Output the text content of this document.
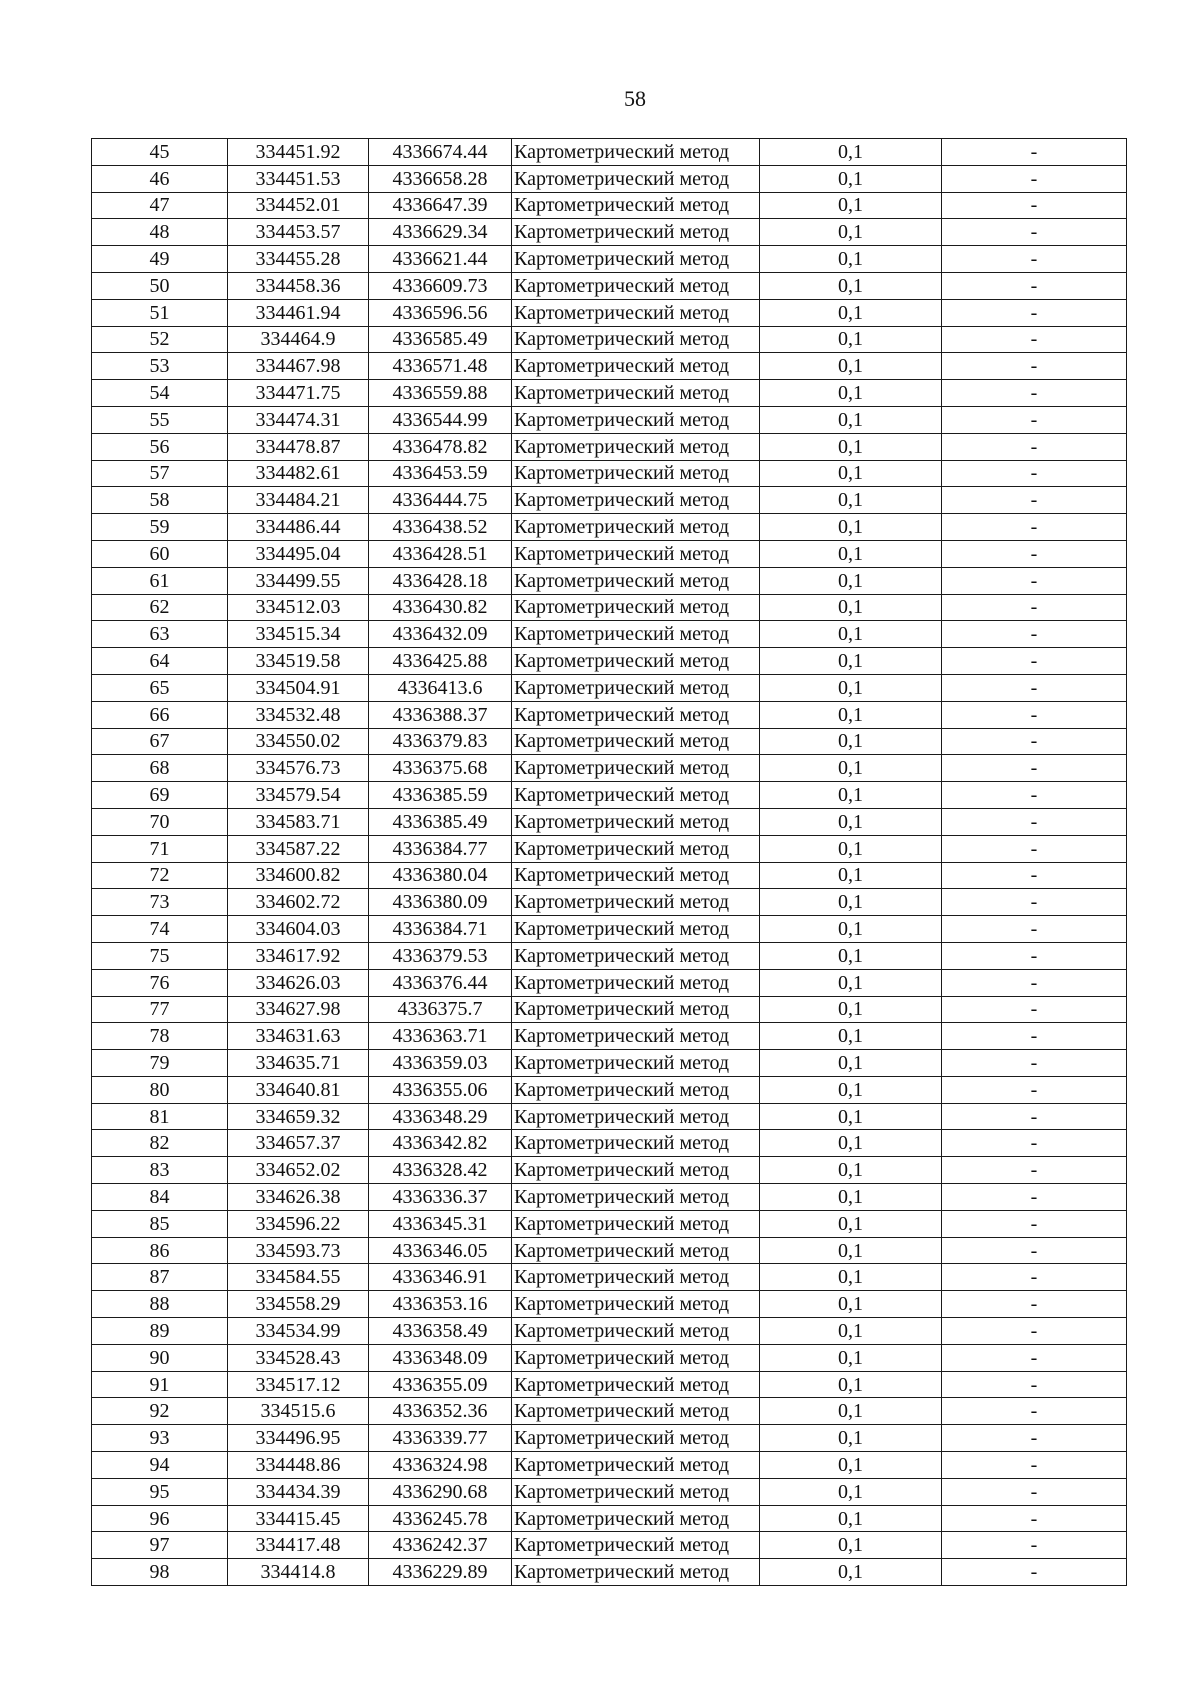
58
45	334451.92	4336674.44	Картометрический метод	0,1	-
46	334451.53	4336658.28	Картометрический метод	0,1	-
47	334452.01	4336647.39	Картометрический метод	0,1	-
48	334453.57	4336629.34	Картометрический метод	0,1	-
49	334455.28	4336621.44	Картометрический метод	0,1	-
50	334458.36	4336609.73	Картометрический метод	0,1	-
51	334461.94	4336596.56	Картометрический метод	0,1	-
52	334464.9	4336585.49	Картометрический метод	0,1	-
53	334467.98	4336571.48	Картометрический метод	0,1	-
54	334471.75	4336559.88	Картометрический метод	0,1	-
55	334474.31	4336544.99	Картометрический метод	0,1	-
56	334478.87	4336478.82	Картометрический метод	0,1	-
57	334482.61	4336453.59	Картометрический метод	0,1	-
58	334484.21	4336444.75	Картометрический метод	0,1	-
59	334486.44	4336438.52	Картометрический метод	0,1	-
60	334495.04	4336428.51	Картометрический метод	0,1	-
61	334499.55	4336428.18	Картометрический метод	0,1	-
62	334512.03	4336430.82	Картометрический метод	0,1	-
63	334515.34	4336432.09	Картометрический метод	0,1	-
64	334519.58	4336425.88	Картометрический метод	0,1	-
65	334504.91	4336413.6	Картометрический метод	0,1	-
66	334532.48	4336388.37	Картометрический метод	0,1	-
67	334550.02	4336379.83	Картометрический метод	0,1	-
68	334576.73	4336375.68	Картометрический метод	0,1	-
69	334579.54	4336385.59	Картометрический метод	0,1	-
70	334583.71	4336385.49	Картометрический метод	0,1	-
71	334587.22	4336384.77	Картометрический метод	0,1	-
72	334600.82	4336380.04	Картометрический метод	0,1	-
73	334602.72	4336380.09	Картометрический метод	0,1	-
74	334604.03	4336384.71	Картометрический метод	0,1	-
75	334617.92	4336379.53	Картометрический метод	0,1	-
76	334626.03	4336376.44	Картометрический метод	0,1	-
77	334627.98	4336375.7	Картометрический метод	0,1	-
78	334631.63	4336363.71	Картометрический метод	0,1	-
79	334635.71	4336359.03	Картометрический метод	0,1	-
80	334640.81	4336355.06	Картометрический метод	0,1	-
81	334659.32	4336348.29	Картометрический метод	0,1	-
82	334657.37	4336342.82	Картометрический метод	0,1	-
83	334652.02	4336328.42	Картометрический метод	0,1	-
84	334626.38	4336336.37	Картометрический метод	0,1	-
85	334596.22	4336345.31	Картометрический метод	0,1	-
86	334593.73	4336346.05	Картометрический метод	0,1	-
87	334584.55	4336346.91	Картометрический метод	0,1	-
88	334558.29	4336353.16	Картометрический метод	0,1	-
89	334534.99	4336358.49	Картометрический метод	0,1	-
90	334528.43	4336348.09	Картометрический метод	0,1	-
91	334517.12	4336355.09	Картометрический метод	0,1	-
92	334515.6	4336352.36	Картометрический метод	0,1	-
93	334496.95	4336339.77	Картометрический метод	0,1	-
94	334448.86	4336324.98	Картометрический метод	0,1	-
95	334434.39	4336290.68	Картометрический метод	0,1	-
96	334415.45	4336245.78	Картометрический метод	0,1	-
97	334417.48	4336242.37	Картометрический метод	0,1	-
98	334414.8	4336229.89	Картометрический метод	0,1	-
